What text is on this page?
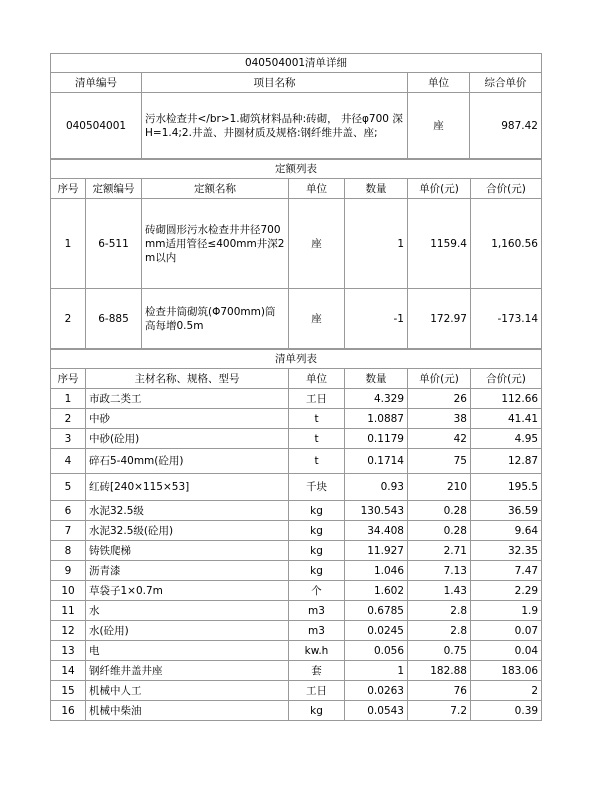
040504001清单详细			
清单编号	项目名称	单位	综合单价
040504001	污水检查井</br>1.砌筑材料品种:砖砌， 井径φ700 深 H=1.4;2.井盖、井圈材质及规格:钢纤维井盖、座;	座	987.42
定额列表						
序号	定额编号	定额名称	单位	数量	单价(元)	合价(元)
1	6-511	砖砌圆形污水检查井井径700mm适用管径≤400mm井深2m以内	座	1	1159.4	1,160.56
2	6-885	检查井筒砌筑(Φ700mm)筒高每增0.5m	座	-1	172.97	-173.14
清单列表					
序号	主材名称、规格、型号	单位	数量	单价(元)	合价(元)
1	市政二类工	工日	4.329	26	112.66
2	中砂	t	1.0887	38	41.41
3	中砂(砼用)	t	0.1179	42	4.95
4	碎石5-40mm(砼用)	t	0.1714	75	12.87
5	红砖[240×115×53]	千块	0.93	210	195.5
6	水泥32.5级	kg	130.543	0.28	36.59
7	水泥32.5级(砼用)	kg	34.408	0.28	9.64
8	铸铁爬梯	kg	11.927	2.71	32.35
9	沥青漆	kg	1.046	7.13	7.47
10	草袋子1×0.7m	个	1.602	1.43	2.29
11	水	m3	0.6785	2.8	1.9
12	水(砼用)	m3	0.0245	2.8	0.07
13	电	kw.h	0.056	0.75	0.04
14	钢纤维井盖井座	套	1	182.88	183.06
15	机械中人工	工日	0.0263	76	2
16	机械中柴油	kg	0.0543	7.2	0.39
